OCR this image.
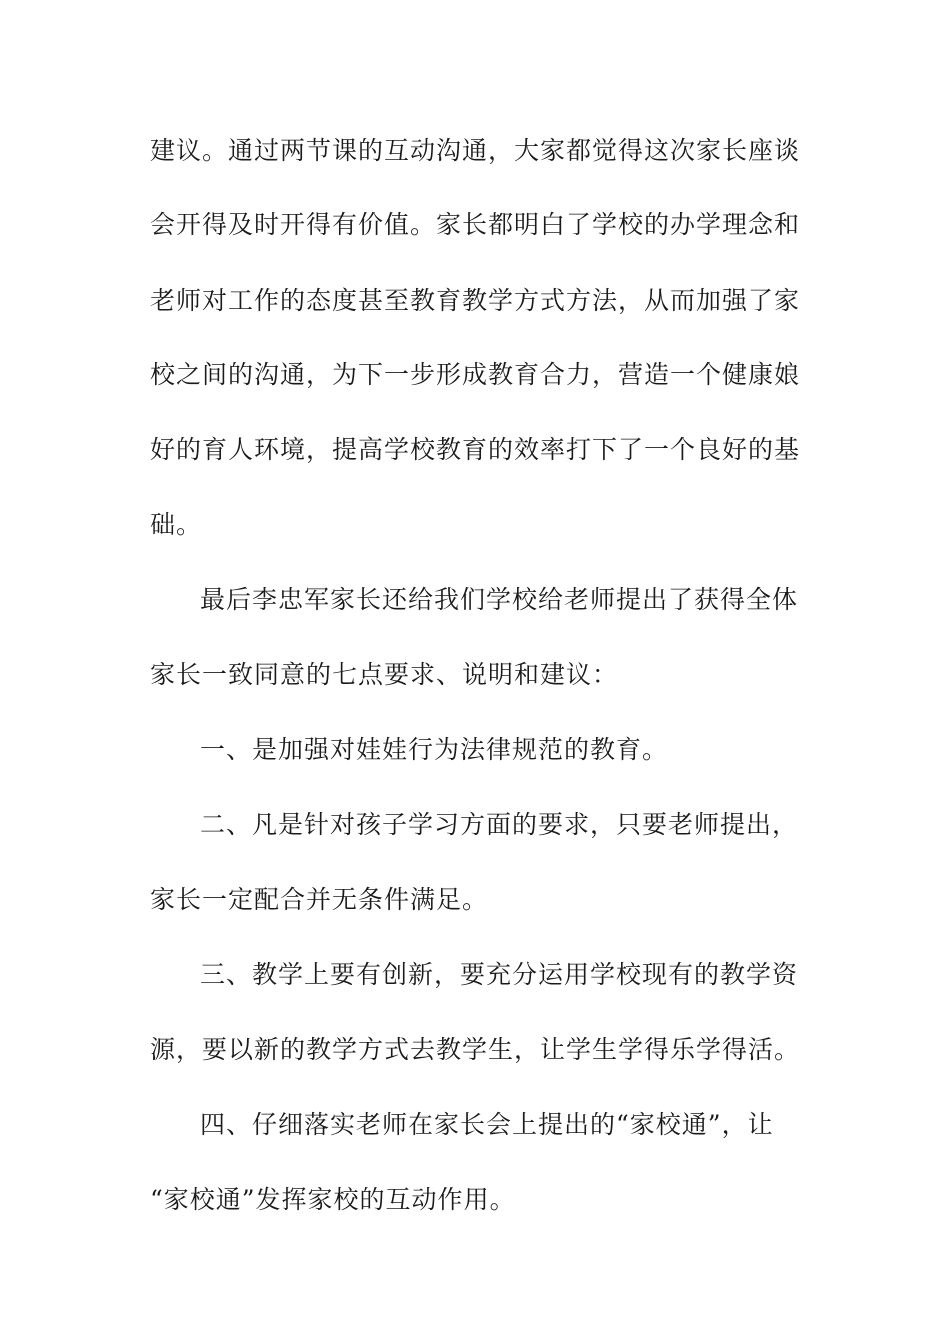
建议。通过两节课的互动沟通，大家都觉得这次家长座谈
会开得及时开得有价值。家长都明白了学校的办学理念和
老师对工作的态度甚至教育教学方式方法，从而加强了家
校之间的沟通，为下一步形成教育合力，营造一个健康娘
好的育人环境，提高学校教育的效率打下了一个良好的基
础。
最后李忠军家长还给我们学校给老师提出了获得全体
家长一致同意的七点要求、说明和建议：
一、是加强对娃娃行为法律规范的教育。
二、凡是针对孩子学习方面的要求，只要老师提出，
家长一定配合并无条件满足。
三、教学上要有创新，要充分运用学校现有的教学资
源，要以新的教学方式去教学生，让学生学得乐学得活。
四、仔细落实老师在家长会上提出的“家校通”，让
“家校通”发挥家校的互动作用。
